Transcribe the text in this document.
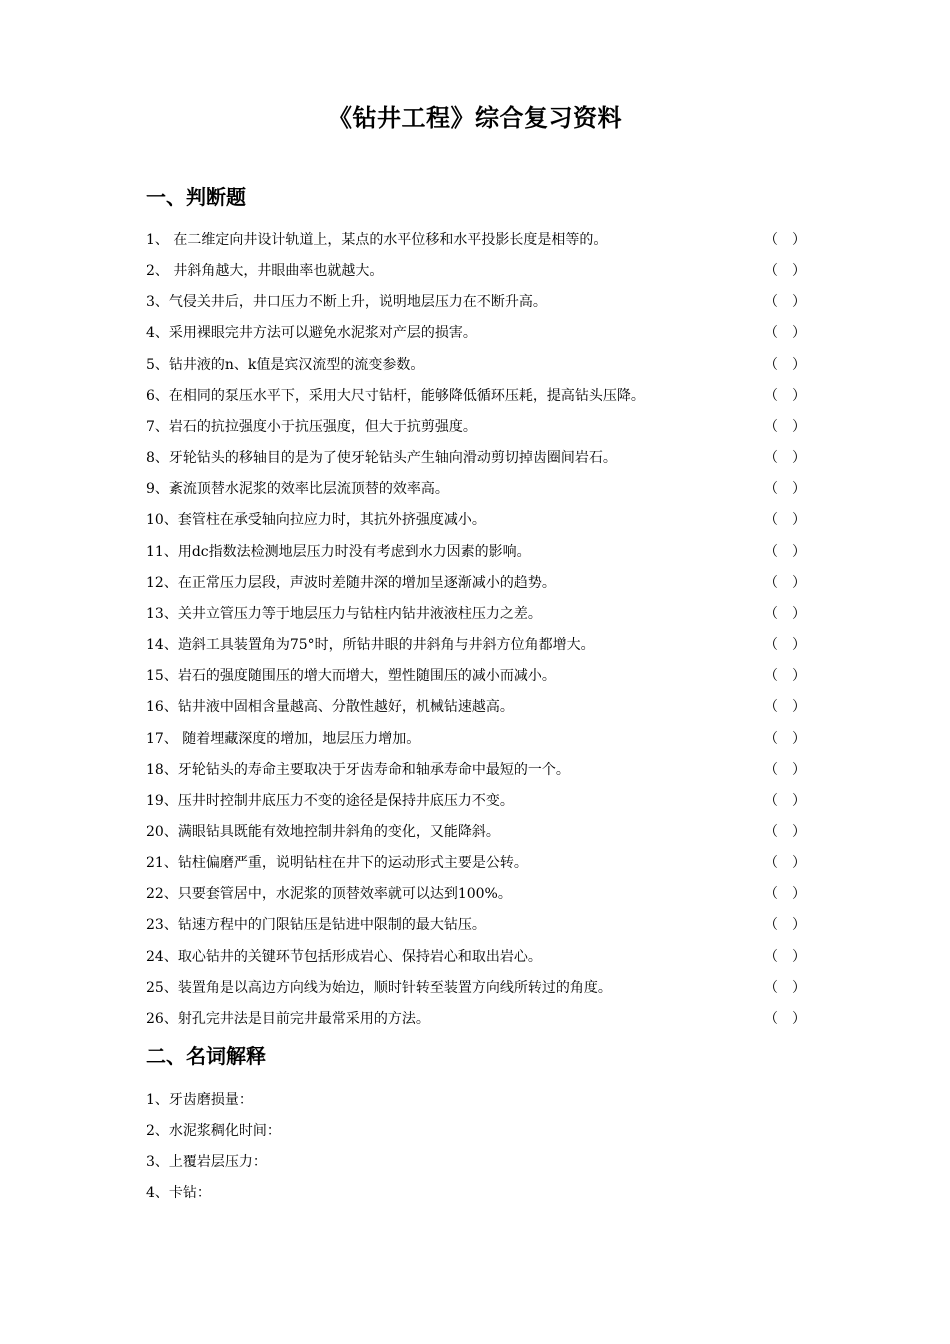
《钻井工程》综合复习资料
一、判断题
1、 在二维定向井设计轨道上，某点的水平位移和水平投影长度是相等的。	（ ）
2、 井斜角越大，井眼曲率也就越大。	（ ）
3、气侵关井后，井口压力不断上升，说明地层压力在不断升高。	（ ）
4、采用裸眼完井方法可以避免水泥浆对产层的损害。	（ ）
5、钻井液的n、k值是宾汉流型的流变参数。	（ ）
6、在相同的泵压水平下，采用大尺寸钻杆，能够降低循环压耗，提高钻头压降。	（ ）
7、岩石的抗拉强度小于抗压强度，但大于抗剪强度。	（ ）
8、牙轮钻头的移轴目的是为了使牙轮钻头产生轴向滑动剪切掉齿圈间岩石。	（ ）
9、紊流顶替水泥浆的效率比层流顶替的效率高。	（ ）
10、套管柱在承受轴向拉应力时，其抗外挤强度减小。	（ ）
11、用dc指数法检测地层压力时没有考虑到水力因素的影响。	（ ）
12、在正常压力层段，声波时差随井深的增加呈逐渐减小的趋势。	（ ）
13、关井立管压力等于地层压力与钻柱内钻井液液柱压力之差。	（ ）
14、造斜工具装置角为75°时，所钻井眼的井斜角与井斜方位角都增大。	（ ）
15、岩石的强度随围压的增大而增大，塑性随围压的减小而减小。	（ ）
16、钻井液中固相含量越高、分散性越好，机械钻速越高。	（ ）
17、 随着埋藏深度的增加，地层压力增加。	（ ）
18、牙轮钻头的寿命主要取决于牙齿寿命和轴承寿命中最短的一个。	（ ）
19、压井时控制井底压力不变的途径是保持井底压力不变。	（ ）
20、满眼钻具既能有效地控制井斜角的变化，又能降斜。	（ ）
21、钻柱偏磨严重，说明钻柱在井下的运动形式主要是公转。	（ ）
22、只要套管居中，水泥浆的顶替效率就可以达到100%。	（ ）
23、钻速方程中的门限钻压是钻进中限制的最大钻压。	（ ）
24、取心钻井的关键环节包括形成岩心、保持岩心和取出岩心。	（ ）
25、装置角是以高边方向线为始边，顺时针转至装置方向线所转过的角度。	（ ）
26、射孔完井法是目前完井最常采用的方法。	（ ）
二、名词解释
1、牙齿磨损量：
2、水泥浆稠化时间：
3、上覆岩层压力：
4、卡钻：
